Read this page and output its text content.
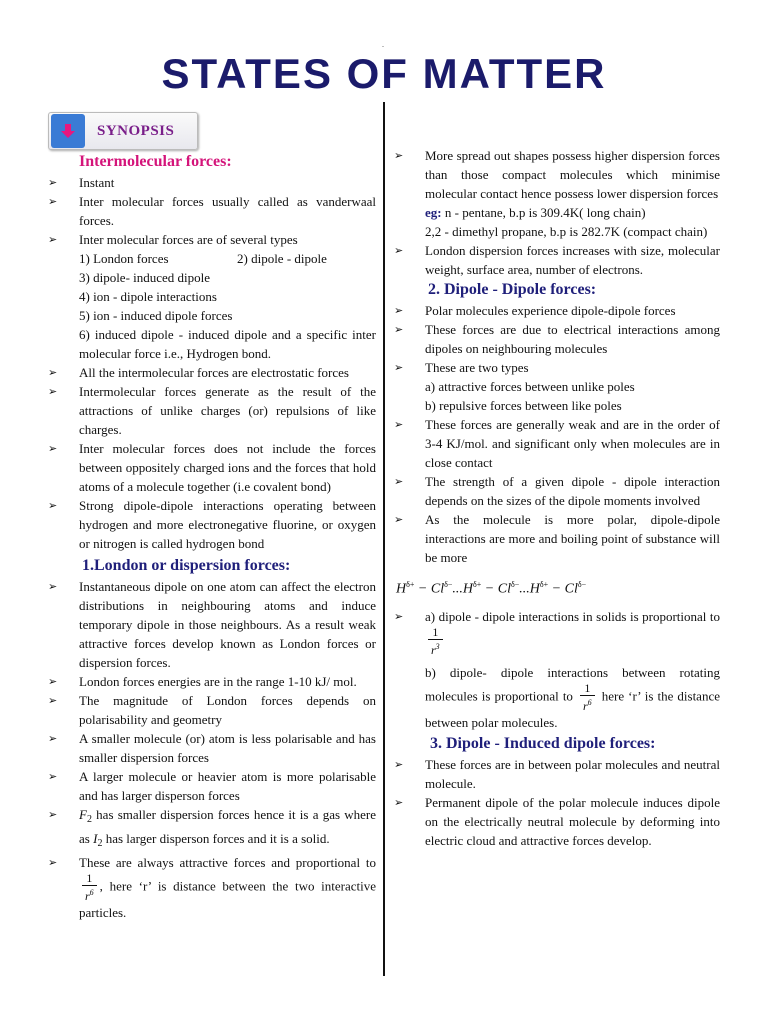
.
STATES OF MATTER
SYNOPSIS
Intermolecular forces:
➢ Instant
➢ Inter molecular forces usually called as vanderwaal forces.
➢ Inter molecular forces are of several types
1) London forces	2) dipole - dipole
3) dipole- induced dipole
4) ion - dipole interactions
5) ion - induced dipole forces
6) induced dipole - induced dipole and a specific inter molecular force i.e., Hydrogen bond.
➢ All the intermolecular forces are electrostatic forces
➢ Intermolecular forces generate as the result of the attractions of unlike charges (or) repulsions of like charges.
➢ Inter molecular forces does not include the forces between oppositely charged ions and the forces that hold atoms of a molecule together (i.e covalent bond)
➢ Strong dipole-dipole interactions operating between hydrogen and more electronegative fluorine, or oxygen or nitrogen is called hydrogen bond
1.London or dispersion forces:
➢ Instantaneous dipole on one atom can affect the electron distributions in neighbouring atoms and induce temporary dipole in those neighbours. As a result weak attractive forces develop known as London forces or dispersion forces.
➢ London forces energies are in the range 1-10 kJ/ mol.
➢ The magnitude of London forces depends on polarisability and geometry
➢ A smaller molecule (or) atom is less polarisable and has smaller dispersion forces
➢ A larger molecule or heavier atom is more polarisable and has larger disperson forces
➢ $F_2$ has smaller dispersion forces hence it is a gas where as $I_2$ has larger disperson forces and it is a solid.
➢ These are always attractive forces and proportional to
$\frac{1}{r^6}$ , here ‘r’ is distance between the two interactive particles.
➢ More spread out shapes possess higher dispersion forces than those compact molecules which minimise molecular contact hence possess lower dispersion forces
eg: n - pentane, b.p is 309.4K( long chain)
2,2 - dimethyl propane, b.p is 282.7K (compact chain)
➢ London dispersion forces increases with size, molecular weight, surface area, number of electrons.
2. Dipole - Dipole forces:
➢ Polar molecules experience dipole-dipole forces
➢ These forces are due to electrical interactions among dipoles on neighbouring molecules
➢ These are two types
a) attractive forces between unlike poles
b) repulsive forces between like poles
➢ These forces are generally weak and are in the order of 3-4 KJ/mol. and significant only when molecules are in close contact
➢ The strength of a given dipole - dipole interaction depends on the sizes of the dipole moments involved
➢ As the molecule is more polar, dipole-dipole interactions are more and boiling point of substance will be more
$H^{\delta+} - Cl^{\delta-}...H^{\delta+} - Cl^{\delta-}...H^{\delta+} - Cl^{\delta-}$
➢ a) dipole - dipole interactions in solids is proportional to
$\frac{1}{r^3}$
b) dipole- dipole interactions between rotating molecules is proportional to $\frac{1}{r^6}$ here ‘r’ is the distance between polar molecules.
3. Dipole - Induced dipole forces:
➢ These forces are in between polar molecules and neutral molecule.
➢ Permanent dipole of the polar molecule induces dipole on the electrically neutral molecule by deforming into electric cloud and attractive forces develop.
